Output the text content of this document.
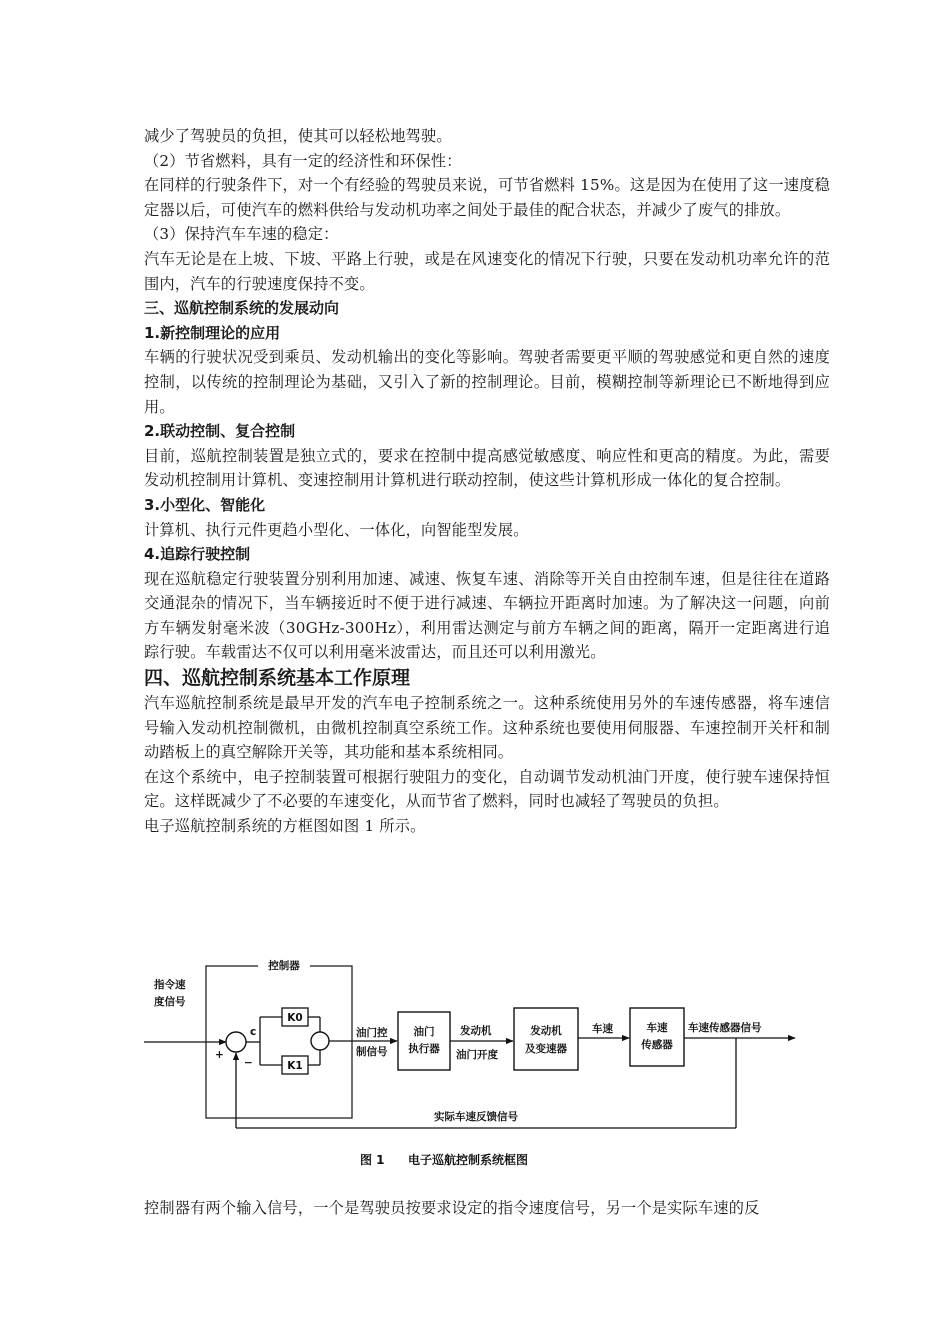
减少了驾驶员的负担，使其可以轻松地驾驶。

（2）节省燃料，具有一定的经济性和环保性：

在同样的行驶条件下，对一个有经验的驾驶员来说，可节省燃料 15%。这是因为在使用了这一速度稳定器以后，可使汽车的燃料供给与发动机功率之间处于最佳的配合状态，并减少了废气的排放。

（3）保持汽车车速的稳定：

汽车无论是在上坡、下坡、平路上行驶，或是在风速变化的情况下行驶，只要在发动机功率允许的范围内，汽车的行驶速度保持不变。

三、巡航控制系统的发展动向

1.新控制理论的应用

车辆的行驶状况受到乘员、发动机输出的变化等影响。驾驶者需要更平顺的驾驶感觉和更自然的速度控制，以传统的控制理论为基础，又引入了新的控制理论。目前，模糊控制等新理论已不断地得到应用。

2.联动控制、复合控制

目前，巡航控制装置是独立式的，要求在控制中提高感觉敏感度、响应性和更高的精度。为此，需要发动机控制用计算机、变速控制用计算机进行联动控制，使这些计算机形成一体化的复合控制。

3.小型化、智能化

计算机、执行元件更趋小型化、一体化，向智能型发展。

4.追踪行驶控制

现在巡航稳定行驶装置分别利用加速、减速、恢复车速、消除等开关自由控制车速，但是往往在道路交通混杂的情况下，当车辆接近时不便于进行减速、车辆拉开距离时加速。为了解决这一问题，向前方车辆发射毫米波（30GHz-300Hz），利用雷达测定与前方车辆之间的距离，隔开一定距离进行追踪行驶。车载雷达不仅可以利用毫米波雷达，而且还可以利用激光。

四、巡航控制系统基本工作原理

汽车巡航控制系统是最早开发的汽车电子控制系统之一。这种系统使用另外的车速传感器，将车速信号输入发动机控制微机，由微机控制真空系统工作。这种系统也要使用伺服器、车速控制开关杆和制动踏板上的真空解除开关等，其功能和基本系统相同。

在这个系统中，电子控制装置可根据行驶阻力的变化，自动调节发动机油门开度，使行驶车速保持恒定。这样既减少了不必要的车速变化，从而节省了燃料，同时也减轻了驾驶员的负担。

电子巡航控制系统的方框图如图 1 所示。

控制器
指令速
度信号
+
−
c
K0
K1
油门控
制信号
油门
执行器
发动机
油门开度
发动机
及变速器
车速	车速
传感器
车速传感器信号
实际车速反馈信号
图 1 电子巡航控制系统框图

控制器有两个输入信号，一个是驾驶员按要求设定的指令速度信号，另一个是实际车速的反
